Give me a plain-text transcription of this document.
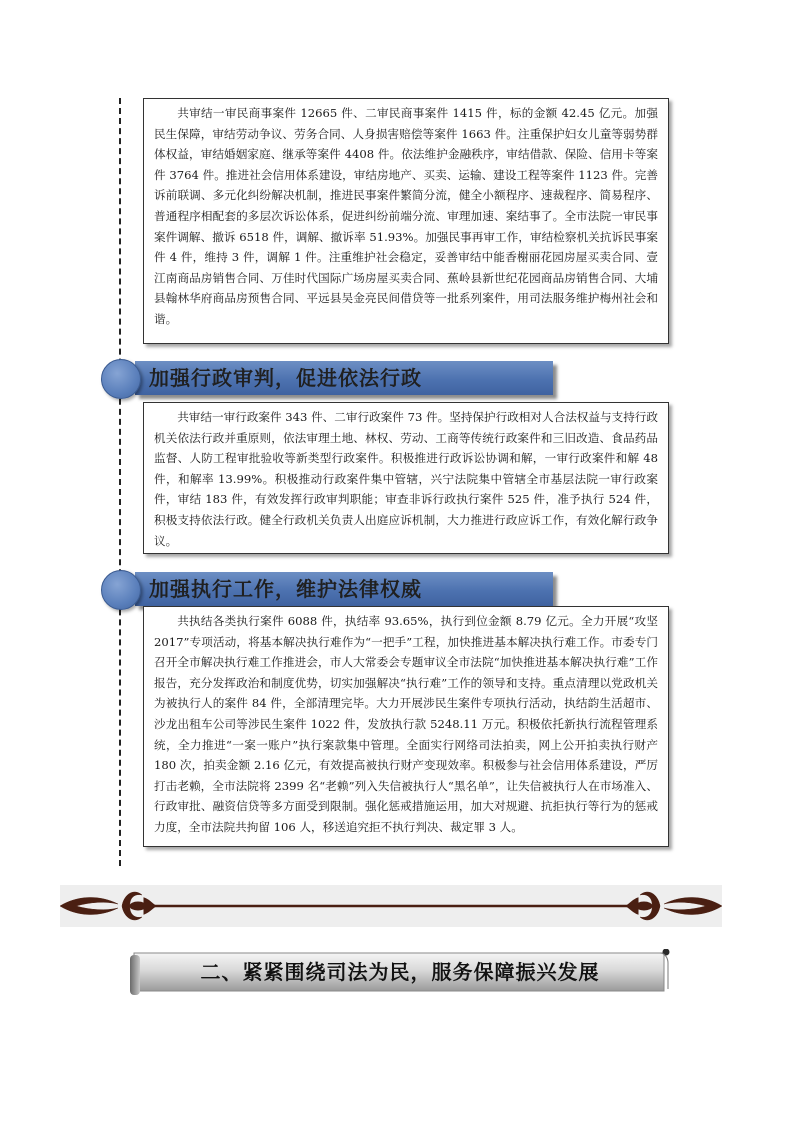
共审结一审民商事案件 12665 件、二审民商事案件 1415 件，标的金额 42.45 亿元。加强民生保障，审结劳动争议、劳务合同、人身损害赔偿等案件 1663 件。注重保护妇女儿童等弱势群体权益，审结婚姻家庭、继承等案件 4408 件。依法维护金融秩序，审结借款、保险、信用卡等案件 3764 件。推进社会信用体系建设，审结房地产、买卖、运输、建设工程等案件 1123 件。完善诉前联调、多元化纠纷解决机制，推进民事案件繁简分流，健全小额程序、速裁程序、简易程序、普通程序相配套的多层次诉讼体系，促进纠纷前端分流、审理加速、案结事了。全市法院一审民事案件调解、撤诉 6518 件，调解、撤诉率 51.93%。加强民事再审工作，审结检察机关抗诉民事案件 4 件，维持 3 件，调解 1 件。注重维护社会稳定，妥善审结中能香榭丽花园房屋买卖合同、壹江南商品房销售合同、万佳时代国际广场房屋买卖合同、蕉岭县新世纪花园商品房销售合同、大埔县翰林华府商品房预售合同、平远县吴金亮民间借贷等一批系列案件，用司法服务维护梅州社会和谐。
加强行政审判，促进依法行政
共审结一审行政案件 343 件、二审行政案件 73 件。坚持保护行政相对人合法权益与支持行政机关依法行政并重原则，依法审理土地、林权、劳动、工商等传统行政案件和三旧改造、食品药品监督、人防工程审批验收等新类型行政案件。积极推进行政诉讼协调和解，一审行政案件和解 48 件，和解率 13.99%。积极推动行政案件集中管辖，兴宁法院集中管辖全市基层法院一审行政案件，审结 183 件，有效发挥行政审判职能；审查非诉行政执行案件 525 件，准予执行 524 件，积极支持依法行政。健全行政机关负责人出庭应诉机制，大力推进行政应诉工作，有效化解行政争议。
加强执行工作，维护法律权威
共执结各类执行案件 6088 件，执结率 93.65%，执行到位金额 8.79 亿元。全力开展“攻坚 2017”专项活动，将基本解决执行难作为“一把手”工程，加快推进基本解决执行难工作。市委专门召开全市解决执行难工作推进会，市人大常委会专题审议全市法院“加快推进基本解决执行难”工作报告，充分发挥政治和制度优势，切实加强解决“执行难”工作的领导和支持。重点清理以党政机关为被执行人的案件 84 件，全部清理完毕。大力开展涉民生案件专项执行活动，执结韵生活超市、沙龙出租车公司等涉民生案件 1022 件，发放执行款 5248.11 万元。积极依托新执行流程管理系统，全力推进“一案一账户”执行案款集中管理。全面实行网络司法拍卖，网上公开拍卖执行财产 180 次，拍卖金额 2.16 亿元，有效提高被执行财产变现效率。积极参与社会信用体系建设，严厉打击老赖，全市法院将 2399 名“老赖”列入失信被执行人“黑名单”，让失信被执行人在市场准入、行政审批、融资信贷等多方面受到限制。强化惩戒措施运用，加大对规避、抗拒执行等行为的惩戒力度，全市法院共拘留 106 人，移送追究拒不执行判决、裁定罪 3 人。
二、紧紧围绕司法为民，服务保障振兴发展
